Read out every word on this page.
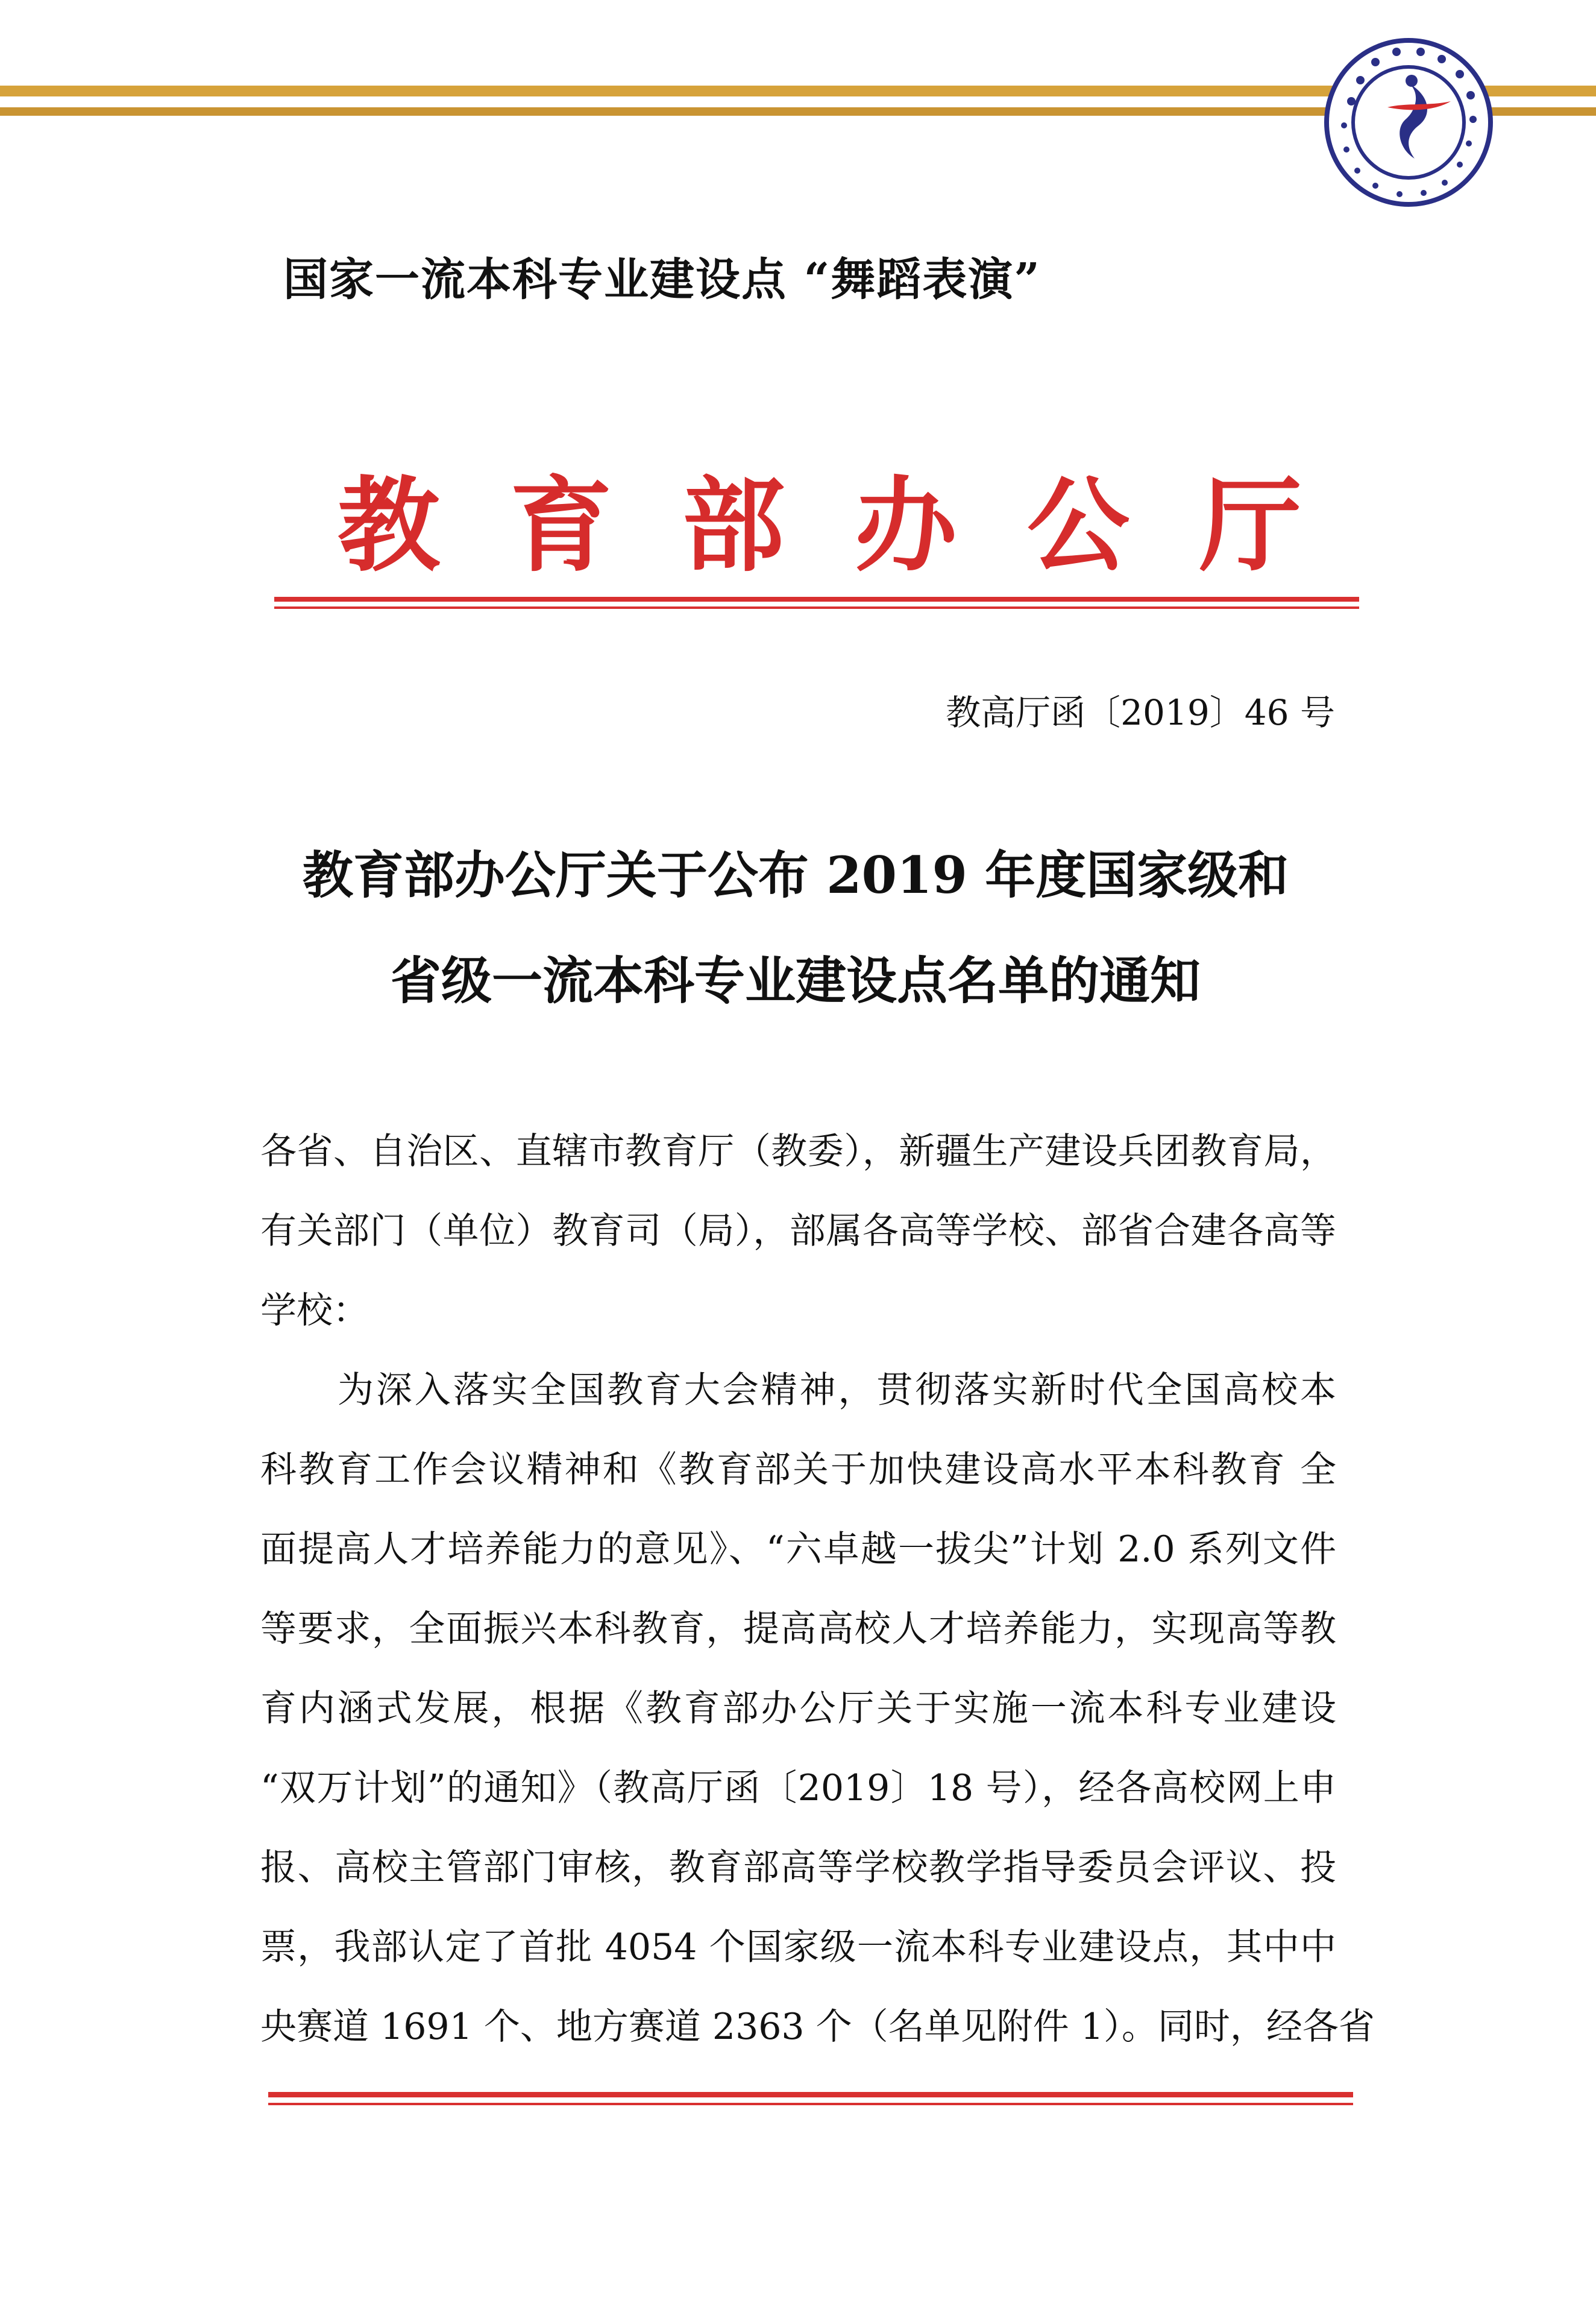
国家一流本科专业建设点 “舞蹈表演”
教 育 部 办 公 厅
教高厅函〔2019〕46 号
教育部办公厅关于公布 2019 年度国家级和
省级一流本科专业建设点名单的通知
各省、自治区、直辖市教育厅（教委），新疆生产建设兵团教育局，
有关部门（单位）教育司（局），部属各高等学校、部省合建各高等
学校：
为深入落实全国教育大会精神，贯彻落实新时代全国高校本
科教育工作会议精神和《教育部关于加快建设高水平本科教育 全
面提高人才培养能力的意见》、“六卓越一拔尖”计划 2.0 系列文件
等要求，全面振兴本科教育，提高高校人才培养能力，实现高等教
育内涵式发展，根据《教育部办公厅关于实施一流本科专业建设
“双万计划”的通知》（教高厅函〔2019〕18 号），经各高校网上申
报、高校主管部门审核，教育部高等学校教学指导委员会评议、投
票，我部认定了首批 4054 个国家级一流本科专业建设点，其中中
央赛道 1691 个、地方赛道 2363 个（名单见附件 1）。同时，经各省
